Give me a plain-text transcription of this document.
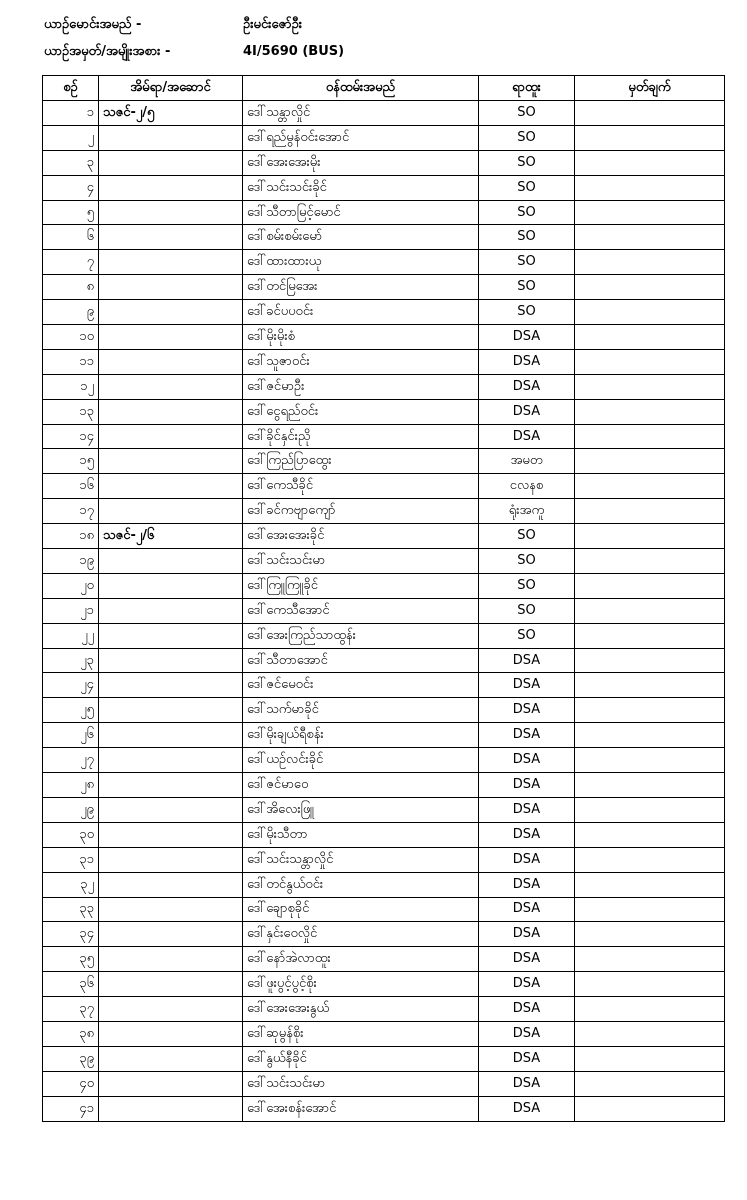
ယာဉ်မောင်းအမည် -	ဦးမင်းဇော်ဦး
ယာဉ်အမှတ်/အမျိုးအစား -	4I/5690 (BUS)
စဉ်	အိမ်ရာ/အဆောင်	ဝန်ထမ်းအမည်	ရာထူး	မှတ်ချက်
၁	သဇင်-၂/၅	ဒေါ်သန္တာလှိုင်	SO	
၂		ဒေါ်ရည်မွန်ဝင်းအောင်	SO	
၃		ဒေါ်အေးအေးမိုး	SO	
၄		ဒေါ်သင်းသင်းခိုင်	SO	
၅		ဒေါ်သီတာမြင့်မောင်	SO	
၆		ဒေါ်စမ်းစမ်းမော်	SO	
၇		ဒေါ်ထားထားယု	SO	
၈		ဒေါ်တင်မြအေး	SO	
၉		ဒေါ်ခင်ပပဝင်း	SO	
၁၀		ဒေါ်မိုးမိုးစံ	DSA	
၁၁		ဒေါ်သူဇာဝင်း	DSA	
၁၂		ဒေါ်ဇင်မာဦး	DSA	
၁၃		ဒေါ်ငွေရည်ဝင်း	DSA	
၁၄		ဒေါ်ခိုင်နှင်းညို	DSA	
၁၅		ဒေါ်ကြည်ပြာထွေး	အမတ	
၁၆		ဒေါ်ကေသီခိုင်	ငလနစ	
၁၇		ဒေါ်ခင်ကဗျာကျော်	ရုံးအကူ	
၁၈	သဇင်-၂/၆	ဒေါ်အေးအေးခိုင်	SO	
၁၉		ဒေါ်သင်းသင်းမာ	SO	
၂၀		ဒေါ်ကြူကြူခိုင်	SO	
၂၁		ဒေါ်ကေသီအောင်	SO	
၂၂		ဒေါ်အေးကြည်သာထွန်း	SO	
၂၃		ဒေါ်သီတာအောင်	DSA	
၂၄		ဒေါ်ဇင်မေဝင်း	DSA	
၂၅		ဒေါ်သက်မာခိုင်	DSA	
၂၆		ဒေါ်မိုးချယ်ရီစန်း	DSA	
၂၇		ဒေါ်ယဉ်လင်းခိုင်	DSA	
၂၈		ဒေါ်ဇင်မာဝေ	DSA	
၂၉		ဒေါ်အိလေးဖြူ	DSA	
၃၀		ဒေါ်မိုးသီတာ	DSA	
၃၁		ဒေါ်သင်းသန္တာလှိုင်	DSA	
၃၂		ဒေါ်တင်နွယ်ဝင်း	DSA	
၃၃		ဒေါ်ချောစုခိုင်	DSA	
၃၄		ဒေါ်နှင်းဝေလှိုင်	DSA	
၃၅		ဒေါ်နော်အဲလာထူး	DSA	
၃၆		ဒေါ်ဖူးပွင့်ပွင့်စိုး	DSA	
၃၇		ဒေါ်အေးအေးနွယ်	DSA	
၃၈		ဒေါ်ဆုမွန်စိုး	DSA	
၃၉		ဒေါ်နွယ်နီခိုင်	DSA	
၄၀		ဒေါ်သင်းသင်းမာ	DSA	
၄၁		ဒေါ်အေးစန်းအောင်	DSA	
